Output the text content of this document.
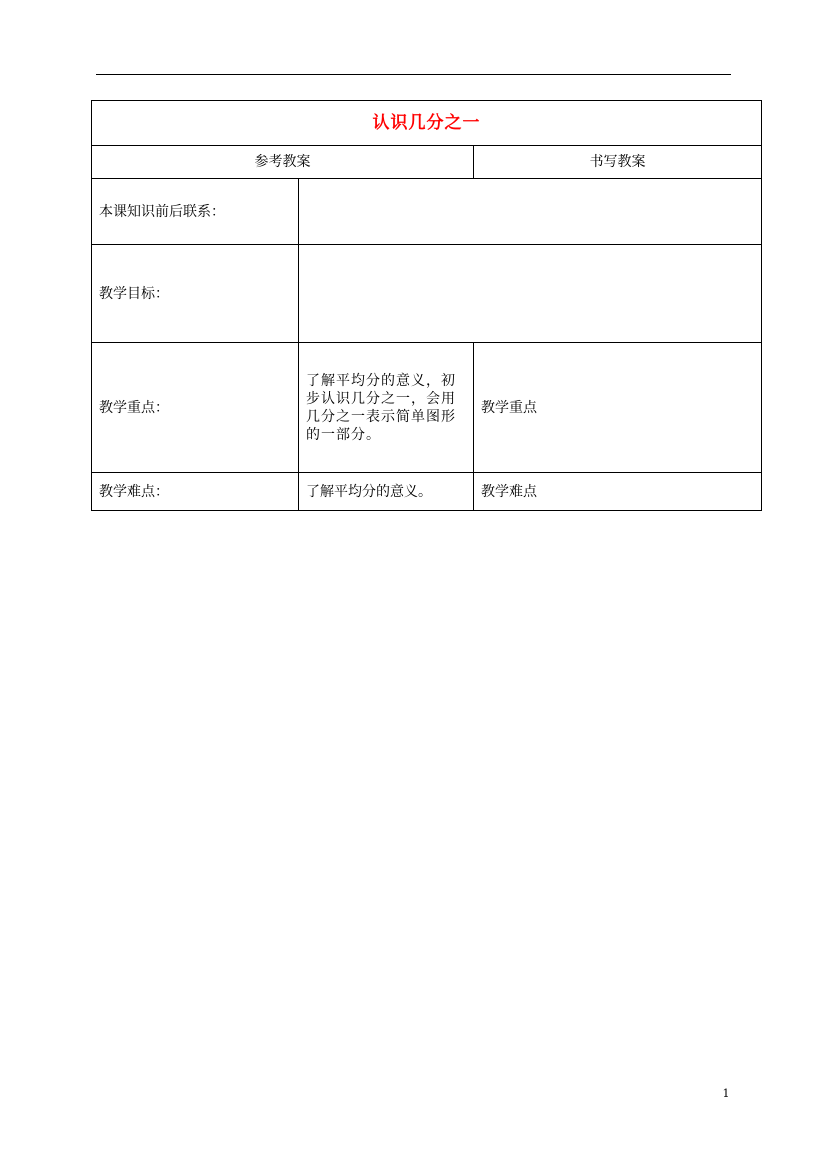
认识几分之一		
参考教案		书写教案
本课知识前后联系：		
教学目标：		
教学重点：	了解平均分的意义，初步认识几分之一，会用几分之一表示简单图形的一部分。	教学重点
教学难点：	了解平均分的意义。	教学难点
1
